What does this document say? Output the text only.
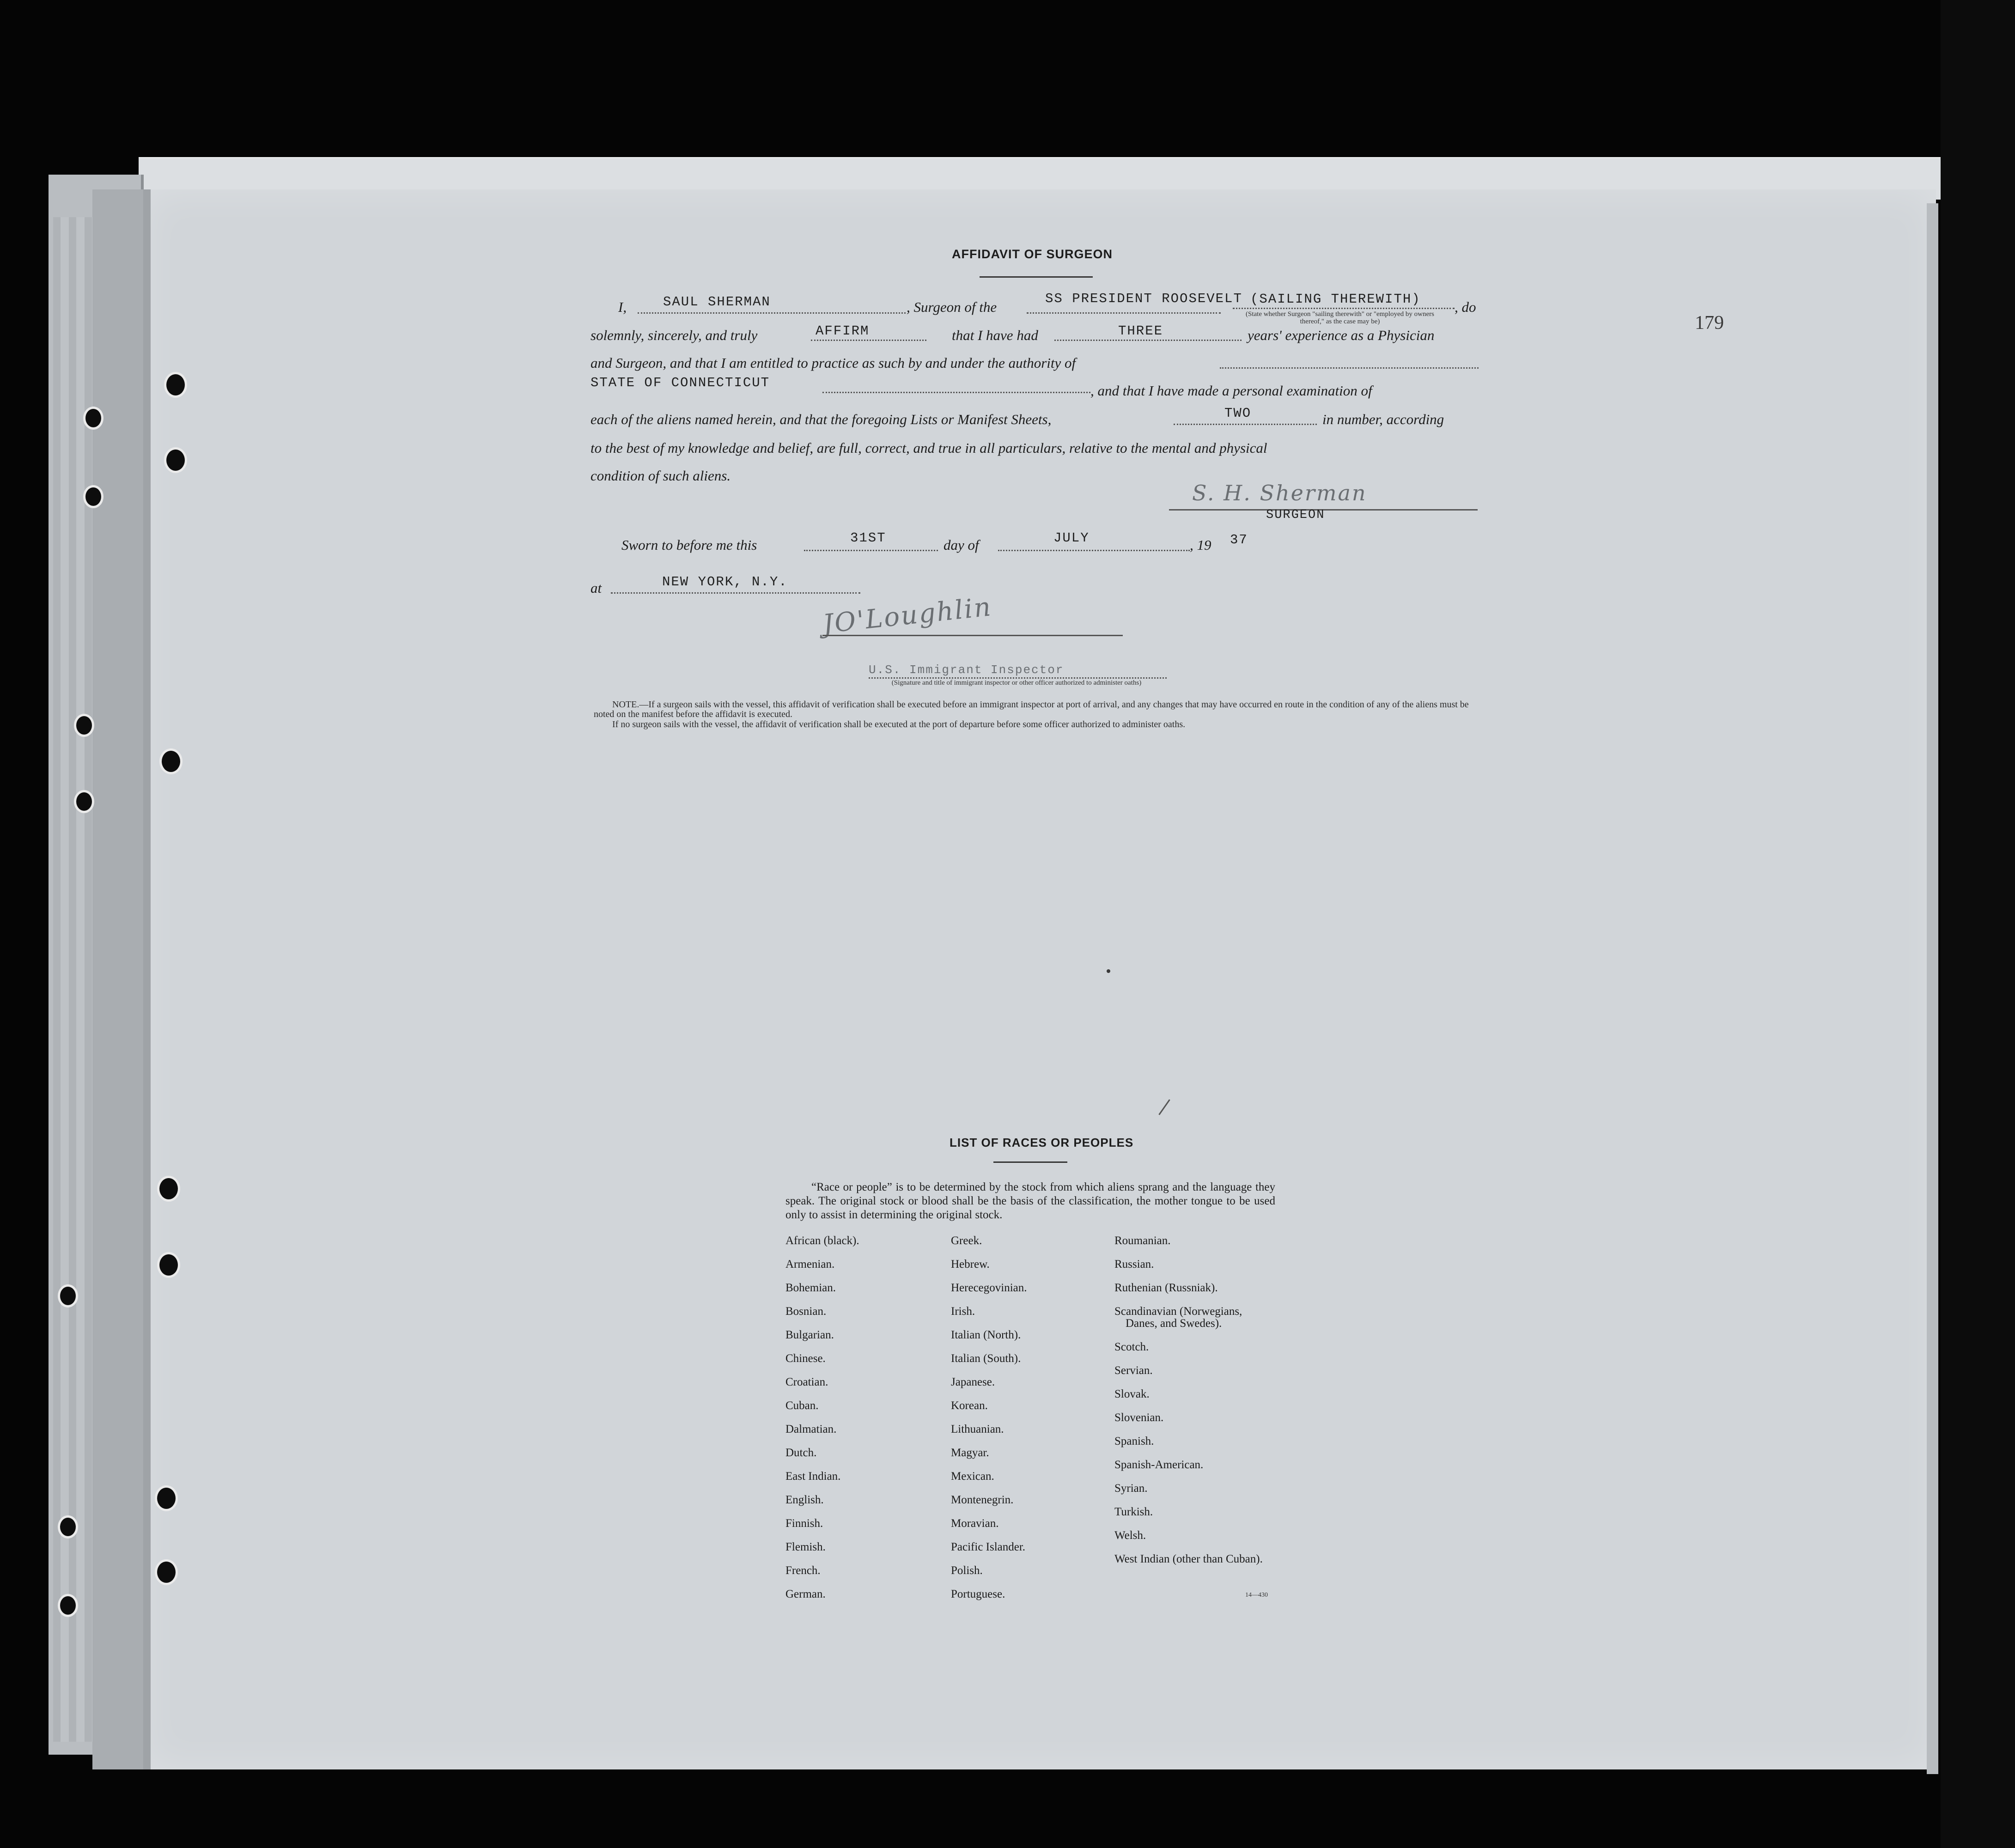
179
AFFIDAVIT OF SURGEON
I,	SAUL SHERMAN	, Surgeon of the
SS PRESIDENT ROOSEVELT (SAILING THEREWITH)
(State whether Surgeon "sailing therewith" or "employed by owners thereof," as the case may be)
, do
solemnly, sincerely, and truly	AFFIRM	that I have had	THREE	years' experience as a Physician
and Surgeon, and that I am entitled to practice as such by and under the authority of
STATE OF CONNECTICUT	, and that I have made a personal examination of
each of the aliens named herein, and that the foregoing Lists or Manifest Sheets,	TWO	in number, according
to the best of my knowledge and belief, are full, correct, and true in all particulars, relative to the mental and physical
condition of such aliens.
S. H. Sherman
SURGEON
Sworn to before me this	31ST	day of	JULY	, 19 37
at	NEW YORK, N.Y.
JO'Loughlin
U.S. Immigrant Inspector
(Signature and title of immigrant inspector or other officer authorized to administer oaths)
NOTE.—If a surgeon sails with the vessel, this affidavit of verification shall be executed before an immigrant inspector at port of arrival, and any changes that may have occurred en route in the condition of any of the aliens must be noted on the manifest before the affidavit is executed.
If no surgeon sails with the vessel, the affidavit of verification shall be executed at the port of departure before some officer authorized to administer oaths.
LIST OF RACES OR PEOPLES
“Race or people” is to be determined by the stock from which aliens sprang and the language they speak. The original stock or blood shall be the basis of the classification, the mother tongue to be used only to assist in determining the original stock.
African (black).
Armenian.
Bohemian.
Bosnian.
Bulgarian.
Chinese.
Croatian.
Cuban.
Dalmatian.
Dutch.
East Indian.
English.
Finnish.
Flemish.
French.
German.
Greek.
Hebrew.
Herecegovinian.
Irish.
Italian (North).
Italian (South).
Japanese.
Korean.
Lithuanian.
Magyar.
Mexican.
Montenegrin.
Moravian.
Pacific Islander.
Polish.
Portuguese.
Roumanian.
Russian.
Ruthenian (Russniak).
Scandinavian (Norwegians, Danes, and Swedes).
Scotch.
Servian.
Slovak.
Slovenian.
Spanish.
Spanish-American.
Syrian.
Turkish.
Welsh.
West Indian (other than Cuban).
14—430
